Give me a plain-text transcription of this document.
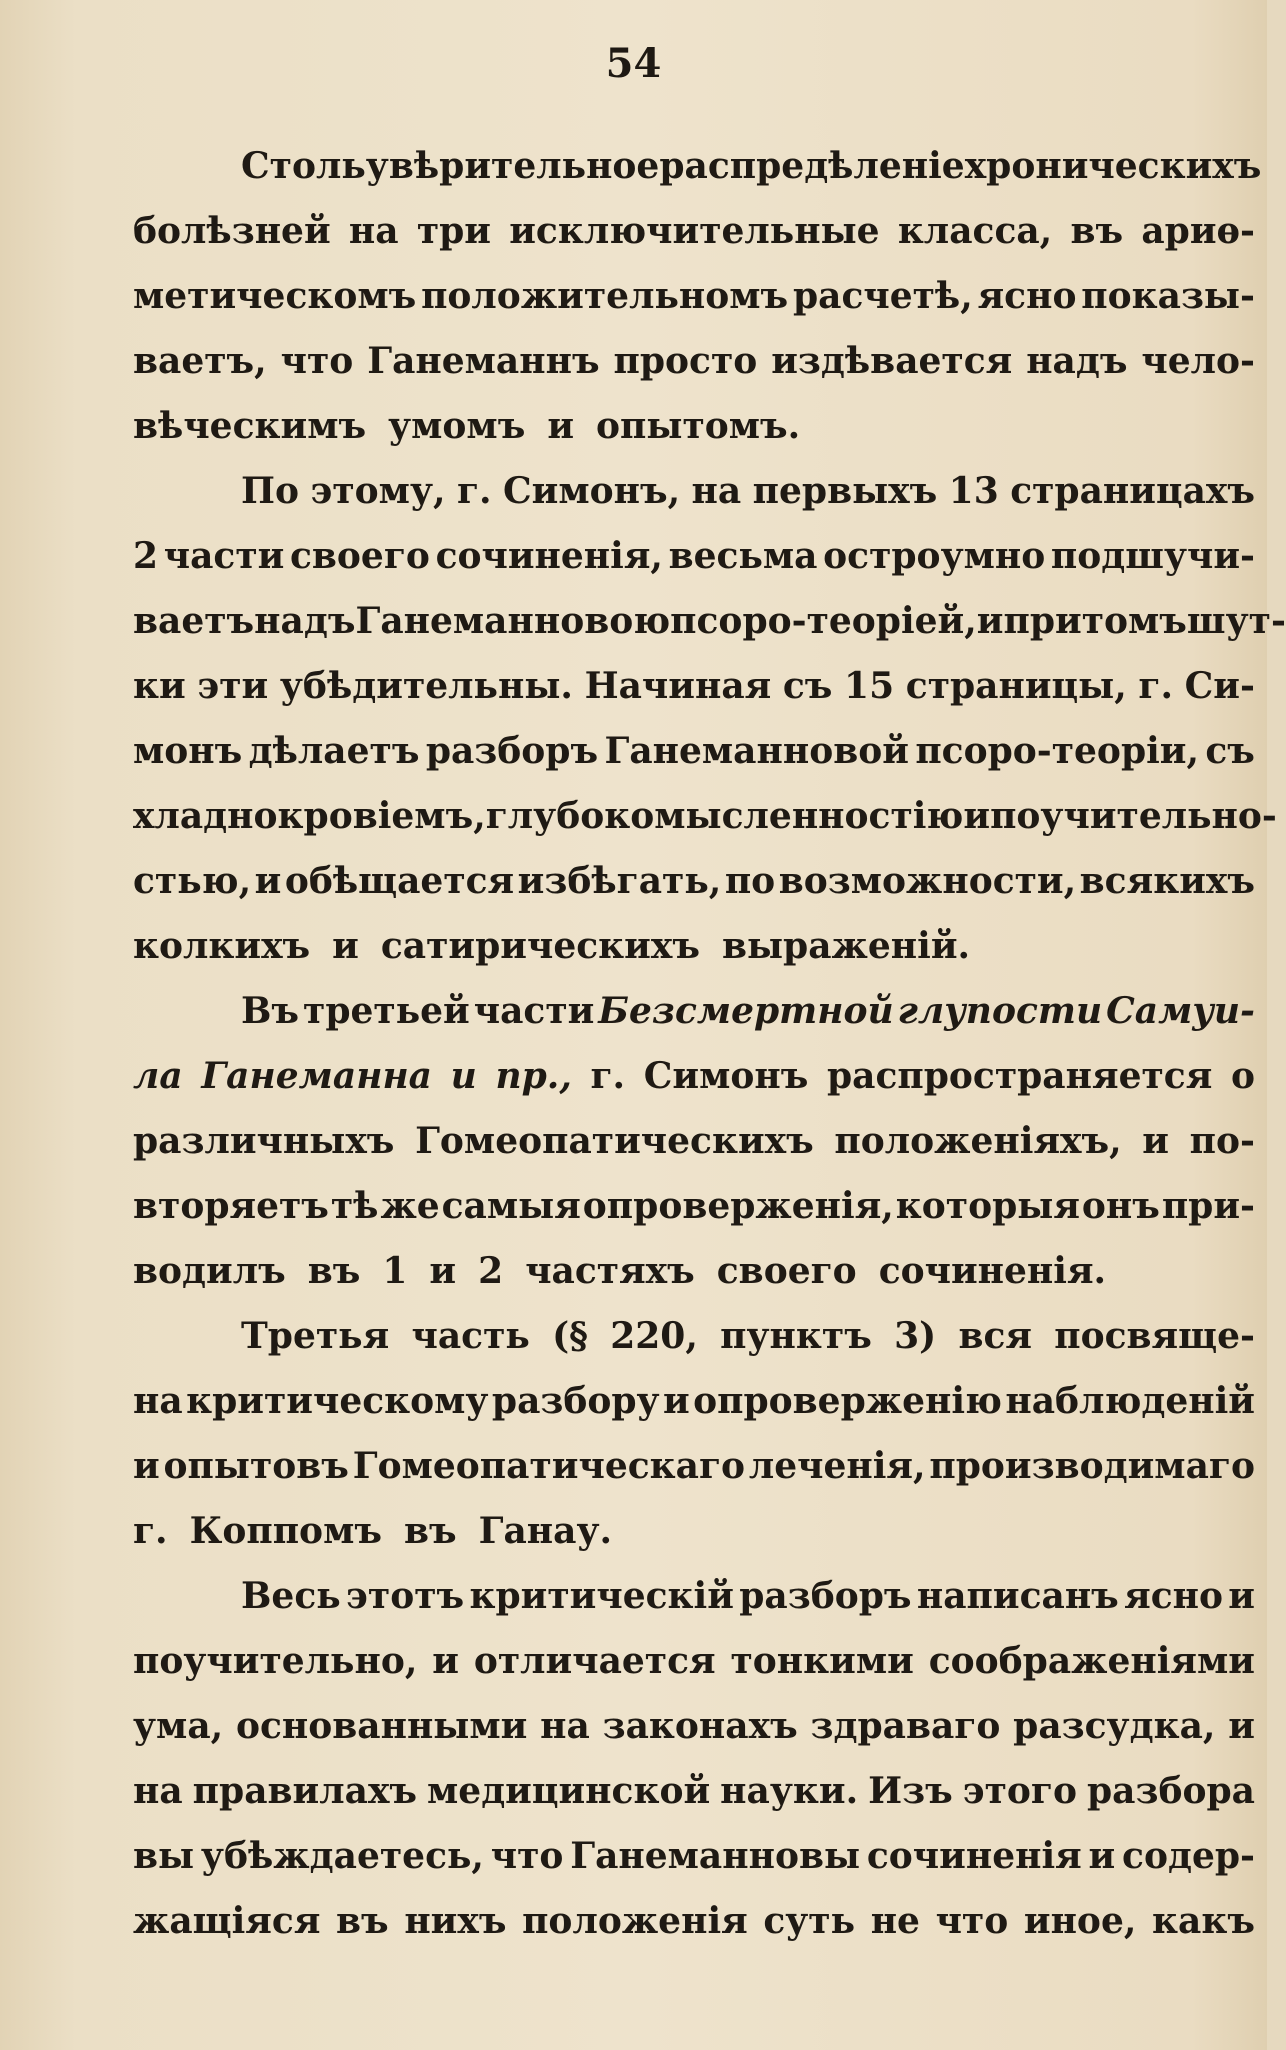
54
Столь увѣрительное распредѣленіе хроническихъ
болѣзней на три исключительные класса, въ ариѳ-
метическомъ положительномъ расчетѣ, ясно показы-
ваетъ, что Ганеманнъ просто издѣвается надъ чело-
вѣческимъ умомъ и опытомъ.
По этому, г. Симонъ, на первыхъ 13 страницахъ
2 части своего сочиненія, весьма остроумно подшучи-
ваетъ надъ Ганеманновою псоро-теоріей, и притомъ шут-
ки эти убѣдительны. Начиная съ 15 страницы, г. Си-
монъ дѣлаетъ разборъ Ганеманновой псоро-теоріи, съ
хладнокровіемъ, глубокомысленностію и поучительно-
стью, и обѣщается избѣгать, по возможности, всякихъ
колкихъ и сатирическихъ выраженій.
Въ третьей части Безсмертной глупости Самуи-
ла Ганеманна и пр., г. Симонъ распространяется о
различныхъ Гомеопатическихъ положеніяхъ, и по-
вторяетъ тѣ же самыя опроверженія, которыя онъ при-
водилъ въ 1 и 2 частяхъ своего сочиненія.
Третья часть (§ 220, пунктъ 3) вся посвяще-
на критическому разбору и опроверженію наблюденій
и опытовъ Гомеопатическаго леченія, производимаго
г. Коппомъ въ Ганау.
Весь этотъ критическій разборъ написанъ ясно и
поучительно, и отличается тонкими соображеніями
ума, основанными на законахъ здраваго разсудка, и
на правилахъ медицинской науки. Изъ этого разбора
вы убѣждаетесь, что Ганеманновы сочиненія и содер-
жащіяся въ нихъ положенія суть не что иное, какъ
